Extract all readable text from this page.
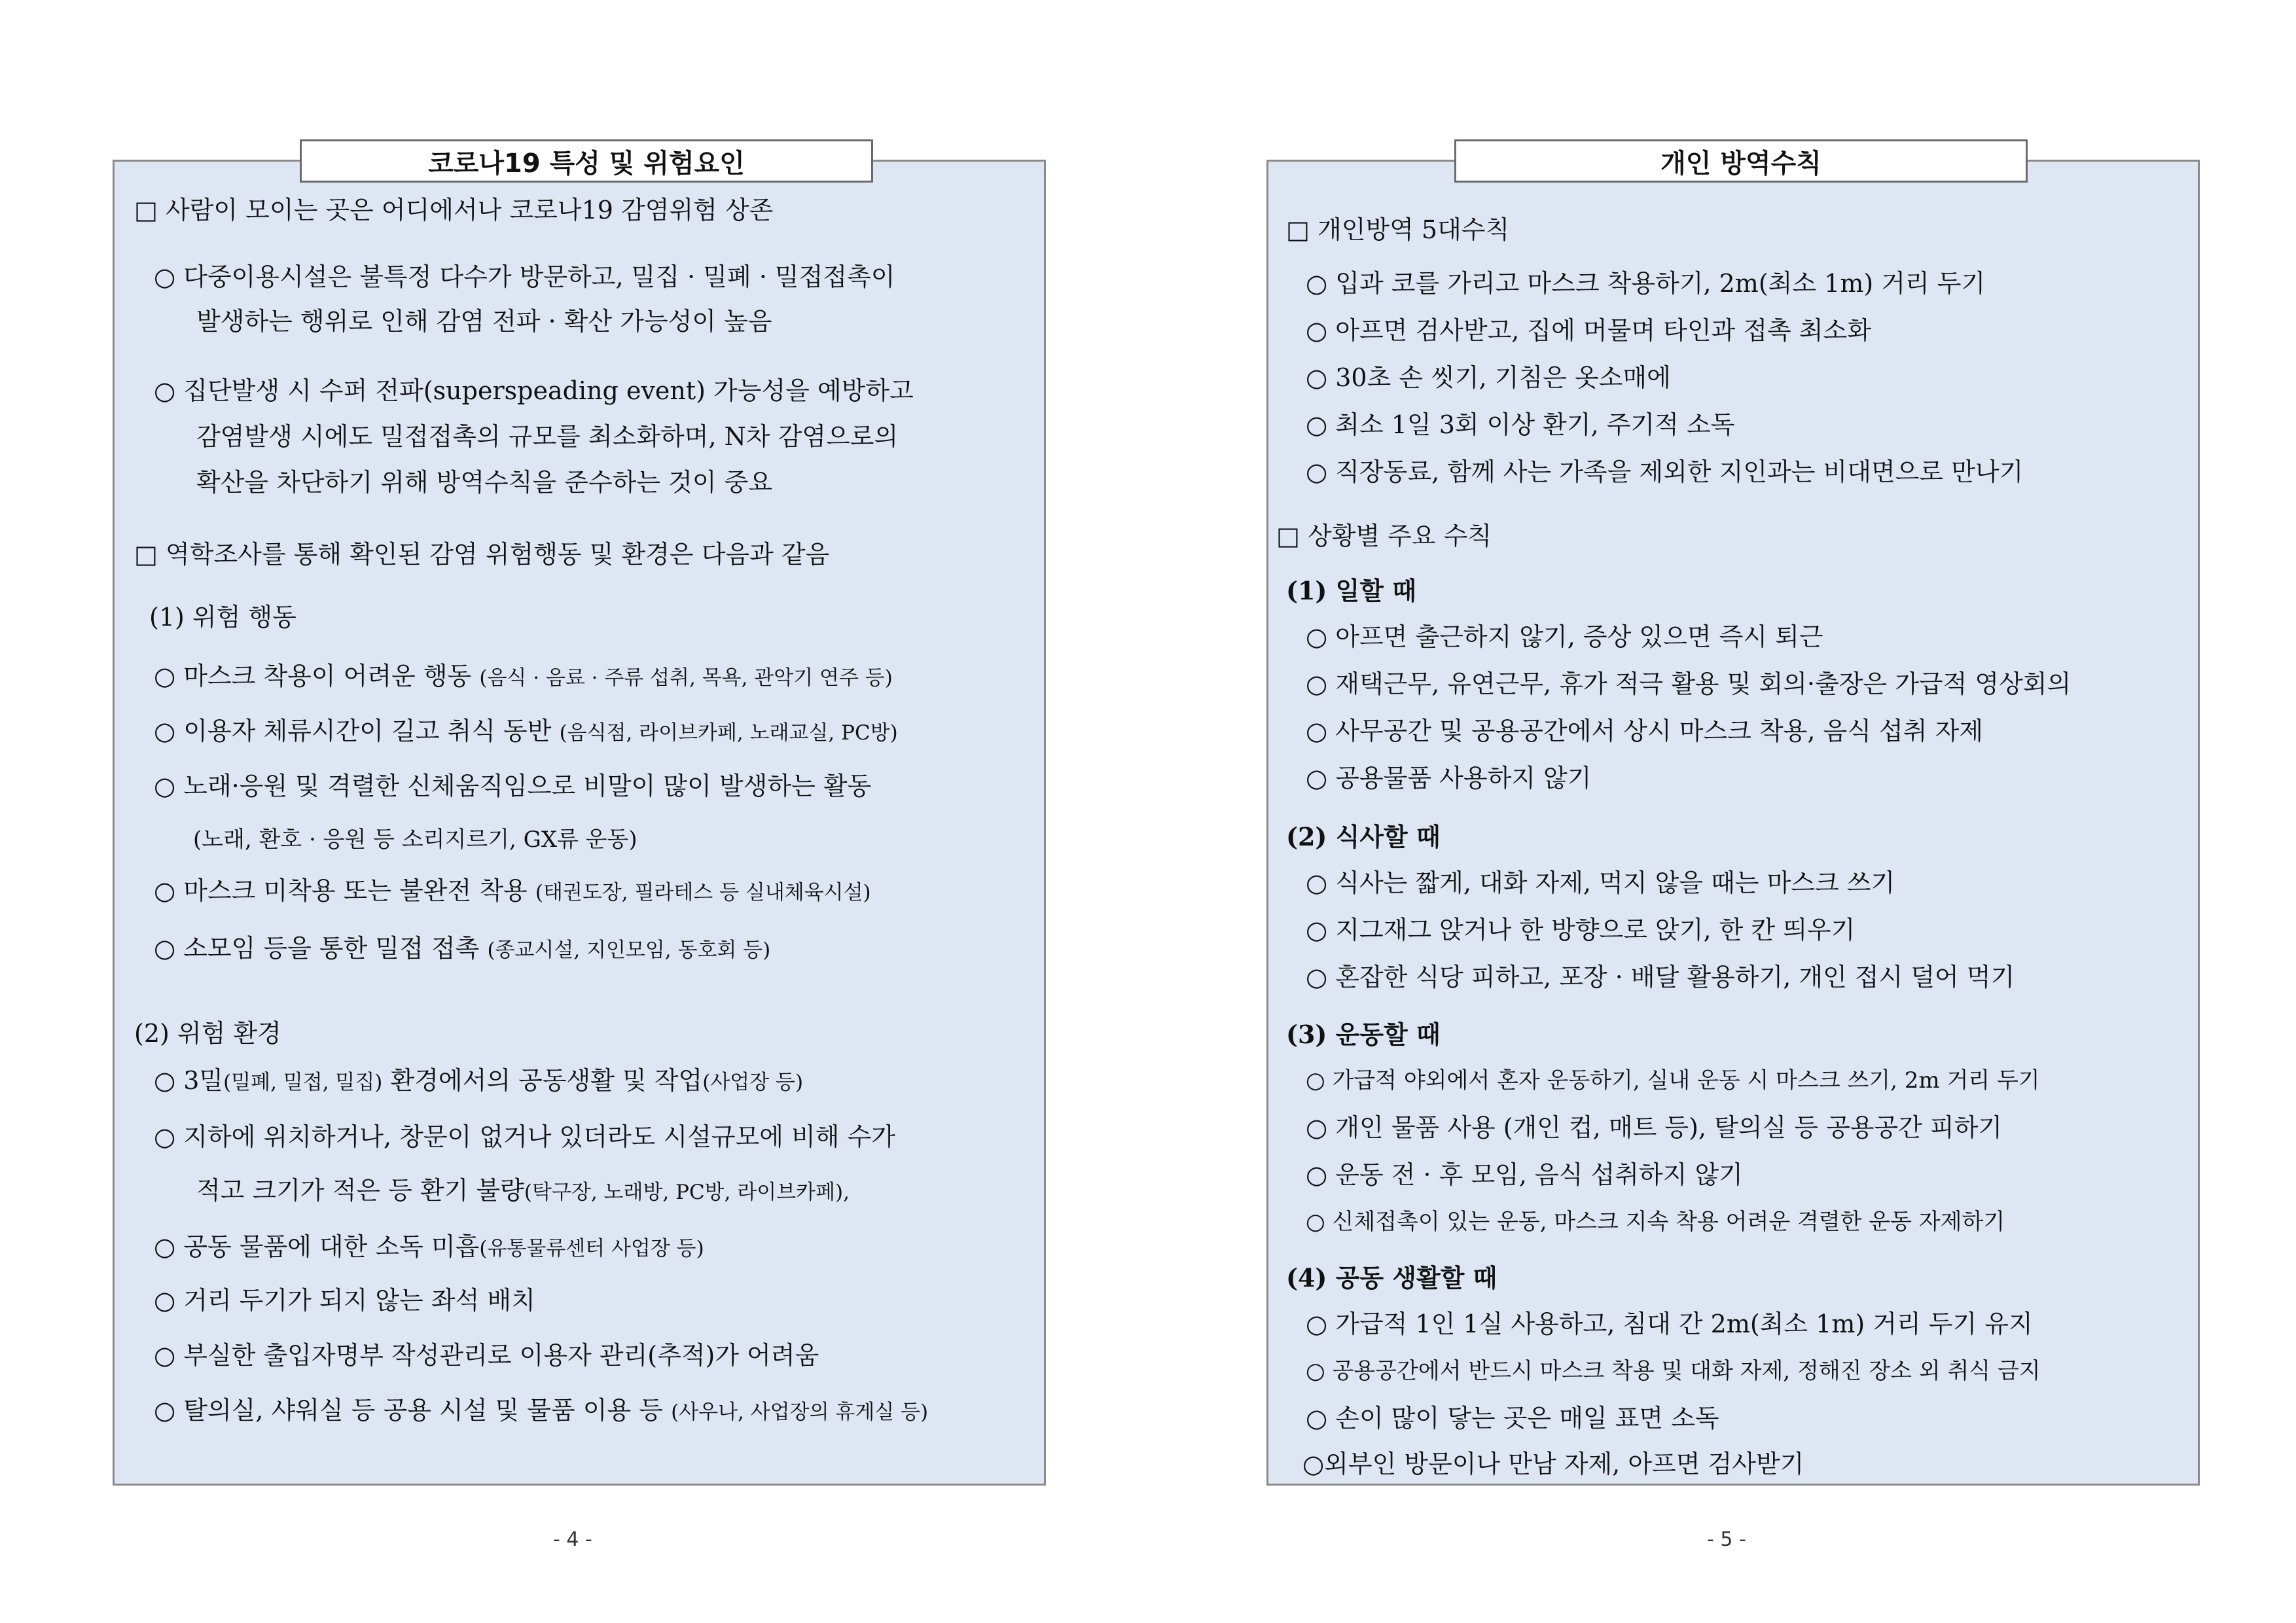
코로나19 특성 및 위험요인
□ 사람이 모이는 곳은 어디에서나 코로나19 감염위험 상존
○ 다중이용시설은 불특정 다수가 방문하고, 밀집 · 밀폐 · 밀접접촉이
발생하는 행위로 인해 감염 전파 · 확산 가능성이 높음
○ 집단발생 시 수퍼 전파(superspeading event) 가능성을 예방하고
감염발생 시에도 밀접접촉의 규모를 최소화하며, N차 감염으로의
확산을 차단하기 위해 방역수칙을 준수하는 것이 중요
□ 역학조사를 통해 확인된 감염 위험행동 및 환경은 다음과 같음
(1) 위험 행동
○ 마스크 착용이 어려운 행동 (음식 · 음료 · 주류 섭취, 목욕, 관악기 연주 등)
○ 이용자 체류시간이 길고 취식 동반 (음식점, 라이브카페, 노래교실, PC방)
○ 노래·응원 및 격렬한 신체움직임으로 비말이 많이 발생하는 활동
(노래, 환호 · 응원 등 소리지르기, GX류 운동)
○ 마스크 미착용 또는 불완전 착용 (태권도장, 필라테스 등 실내체육시설)
○ 소모임 등을 통한 밀접 접촉 (종교시설, 지인모임, 동호회 등)
(2) 위험 환경
○ 3밀(밀폐, 밀접, 밀집) 환경에서의 공동생활 및 작업(사업장 등)
○ 지하에 위치하거나, 창문이 없거나 있더라도 시설규모에 비해 수가
적고 크기가 적은 등 환기 불량(탁구장, 노래방, PC방, 라이브카페),
○ 공동 물품에 대한 소독 미흡(유통물류센터 사업장 등)
○ 거리 두기가 되지 않는 좌석 배치
○ 부실한 출입자명부 작성관리로 이용자 관리(추적)가 어려움
○ 탈의실, 샤워실 등 공용 시설 및 물품 이용 등 (사우나, 사업장의 휴게실 등)
- 4 -
개인 방역수칙
□ 개인방역 5대수칙
○ 입과 코를 가리고 마스크 착용하기, 2m(최소 1m) 거리 두기
○ 아프면 검사받고, 집에 머물며 타인과 접촉 최소화
○ 30초 손 씻기, 기침은 옷소매에
○ 최소 1일 3회 이상 환기, 주기적 소독
○ 직장동료, 함께 사는 가족을 제외한 지인과는 비대면으로 만나기
□ 상황별 주요 수칙
(1) 일할 때
○ 아프면 출근하지 않기, 증상 있으면 즉시 퇴근
○ 재택근무, 유연근무, 휴가 적극 활용 및 회의·출장은 가급적 영상회의
○ 사무공간 및 공용공간에서 상시 마스크 착용, 음식 섭취 자제
○ 공용물품 사용하지 않기
(2) 식사할 때
○ 식사는 짧게, 대화 자제, 먹지 않을 때는 마스크 쓰기
○ 지그재그 앉거나 한 방향으로 앉기, 한 칸 띄우기
○ 혼잡한 식당 피하고, 포장 · 배달 활용하기, 개인 접시 덜어 먹기
(3) 운동할 때
○ 가급적 야외에서 혼자 운동하기, 실내 운동 시 마스크 쓰기, 2m 거리 두기
○ 개인 물품 사용 (개인 컵, 매트 등), 탈의실 등 공용공간 피하기
○ 운동 전 · 후 모임, 음식 섭취하지 않기
○ 신체접촉이 있는 운동, 마스크 지속 착용 어려운 격렬한 운동 자제하기
(4) 공동 생활할 때
○ 가급적 1인 1실 사용하고, 침대 간 2m(최소 1m) 거리 두기 유지
○ 공용공간에서 반드시 마스크 착용 및 대화 자제, 정해진 장소 외 취식 금지
○ 손이 많이 닿는 곳은 매일 표면 소독
○외부인 방문이나 만남 자제, 아프면 검사받기
- 5 -
